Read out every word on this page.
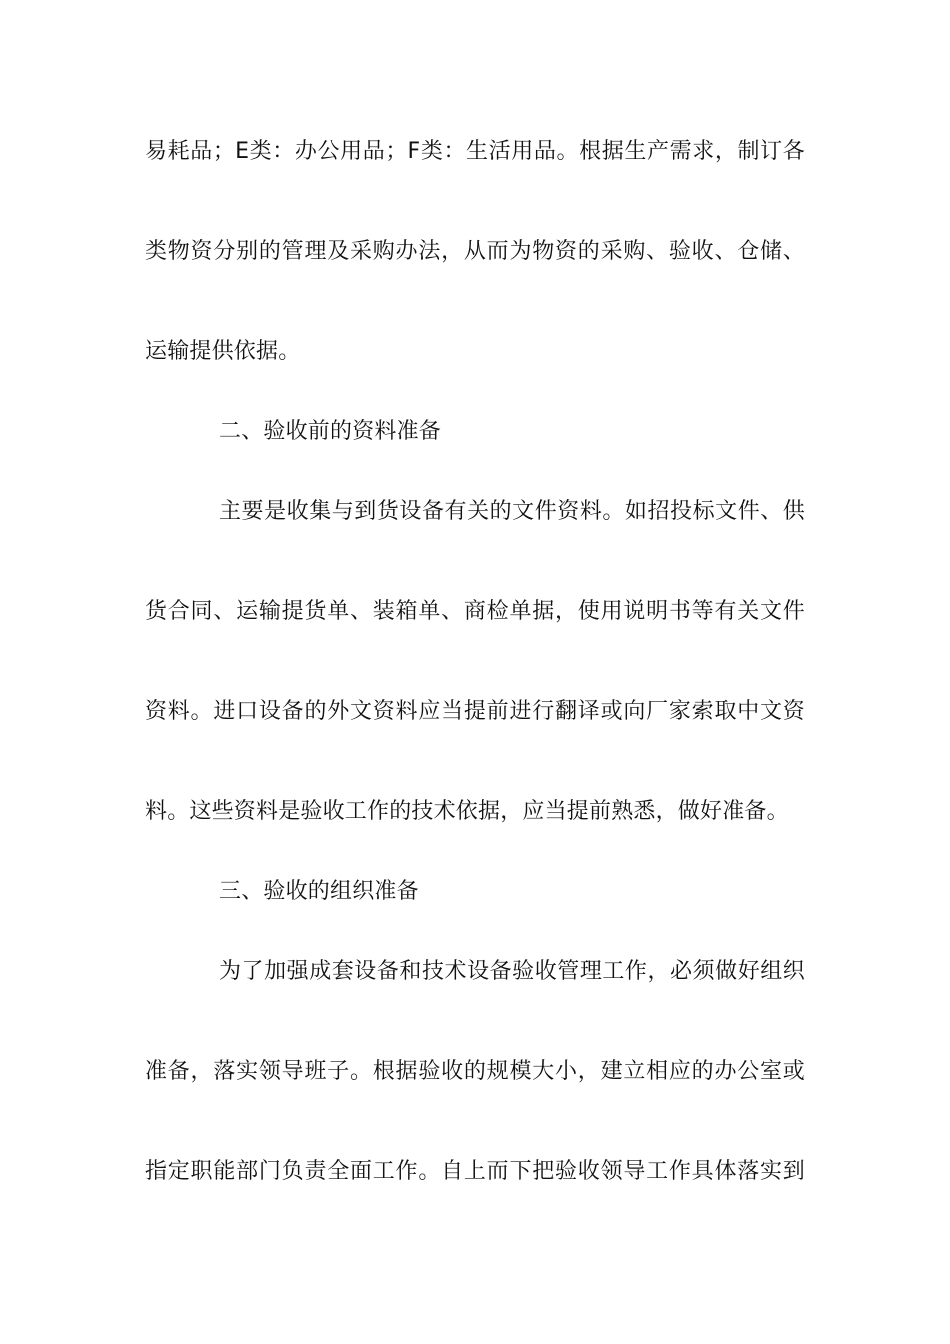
易耗品；E类：办公用品；F类：生活用品。根据生产需求，制订各
类物资分别的管理及采购办法，从而为物资的采购、验收、仓储、
运输提供依据。
二、验收前的资料准备
主要是收集与到货设备有关的文件资料。如招投标文件、供
货合同、运输提货单、装箱单、商检单据，使用说明书等有关文件
资料。进口设备的外文资料应当提前进行翻译或向厂家索取中文资
料。这些资料是验收工作的技术依据，应当提前熟悉，做好准备。
三、验收的组织准备
为了加强成套设备和技术设备验收管理工作，必须做好组织
准备，落实领导班子。根据验收的规模大小，建立相应的办公室或
指定职能部门负责全面工作。自上而下把验收领导工作具体落实到
